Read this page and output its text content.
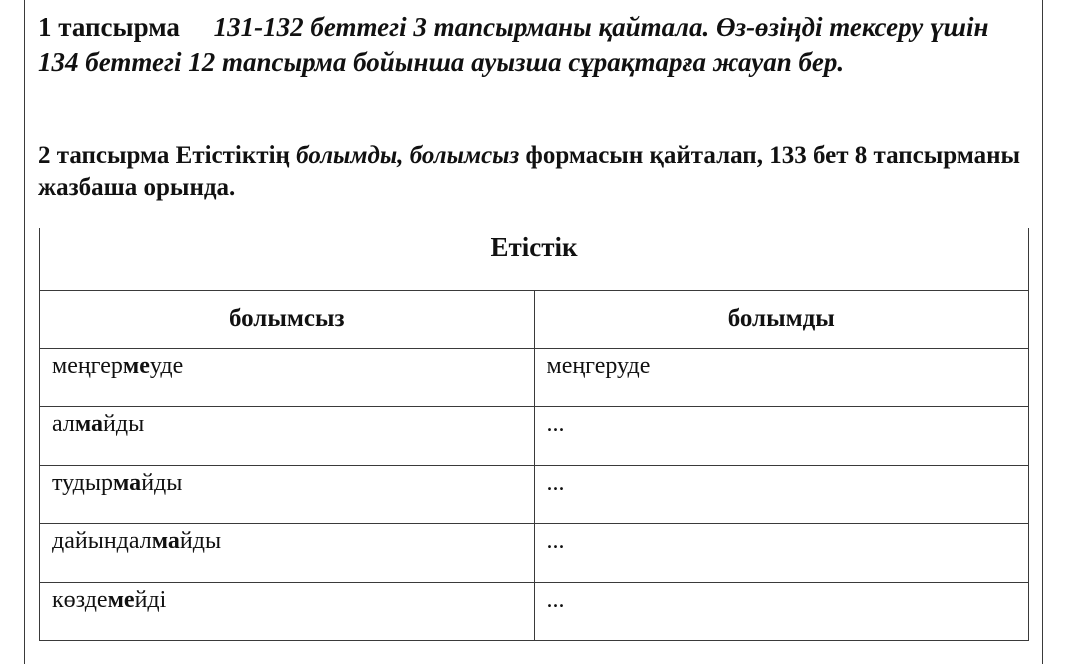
1 тапсырма 131-132 беттегі 3 тапсырманы қайтала. Өз-өзіңді тексеру үшін 134 беттегі 12 тапсырма бойынша ауызша сұрақтарға жауап бер.

2 тапсырма Етістіктің болымды, болымсыз формасын қайталап, 133 бет 8 тапсырманы жазбаша орында.

Етістік	
болымсыз	болымды
меңгермеуде	меңгеруде
алмайды	...
тудырмайды	...
дайындалмайды	...
көздемейді	...
